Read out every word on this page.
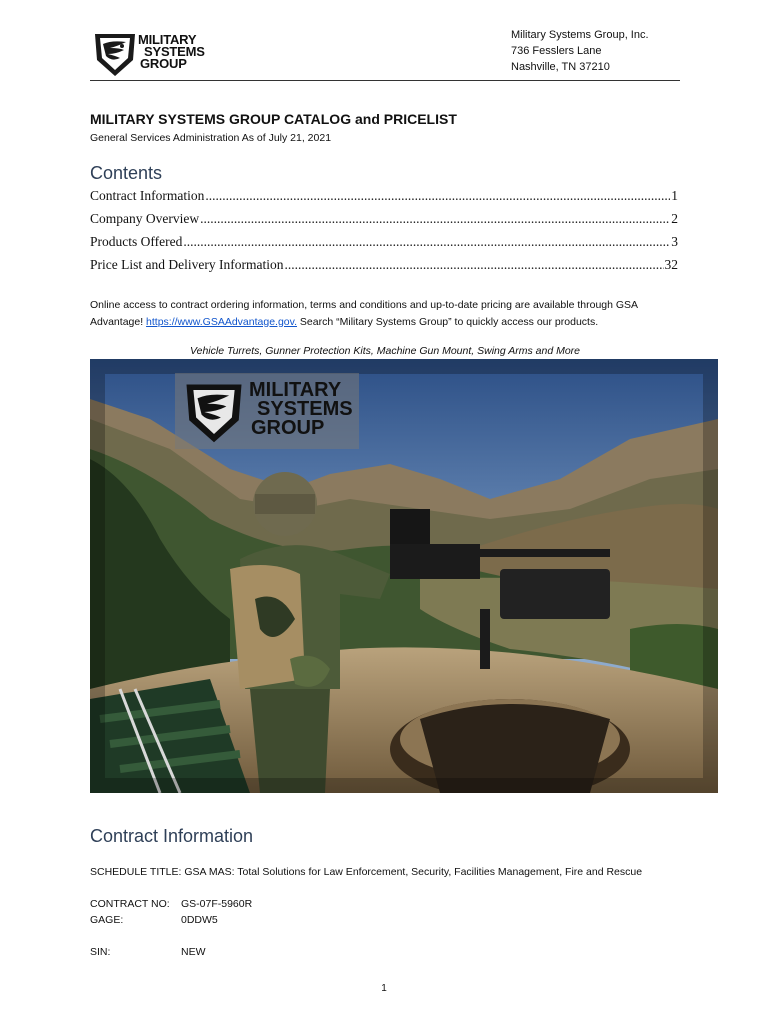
MILITARY
SYSTEMS
GROUP
Military Systems Group, Inc.
736 Fesslers Lane
Nashville, TN 37210
MILITARY SYSTEMS GROUP CATALOG and PRICELIST
General Services Administration As of July 21, 2021
Contents
Contract Information .....	1
Company Overview .....	2
Products Offered .....	3
Price List and Delivery Information .....	32
Online access to contract ordering information, terms and conditions and up-to-date pricing are available through GSA Advantage! https://www.GSAAdvantage.gov. Search “Military Systems Group” to quickly access our products.
Vehicle Turrets, Gunner Protection Kits, Machine Gun Mount, Swing Arms and More
MILITARY
SYSTEMS
GROUP
Contract Information
SCHEDULE TITLE: GSA MAS: Total Solutions for Law Enforcement, Security, Facilities Management, Fire and Rescue
CONTRACT NO: GS-07F-5960R
GAGE:	0DDW5
SIN:	NEW
1
